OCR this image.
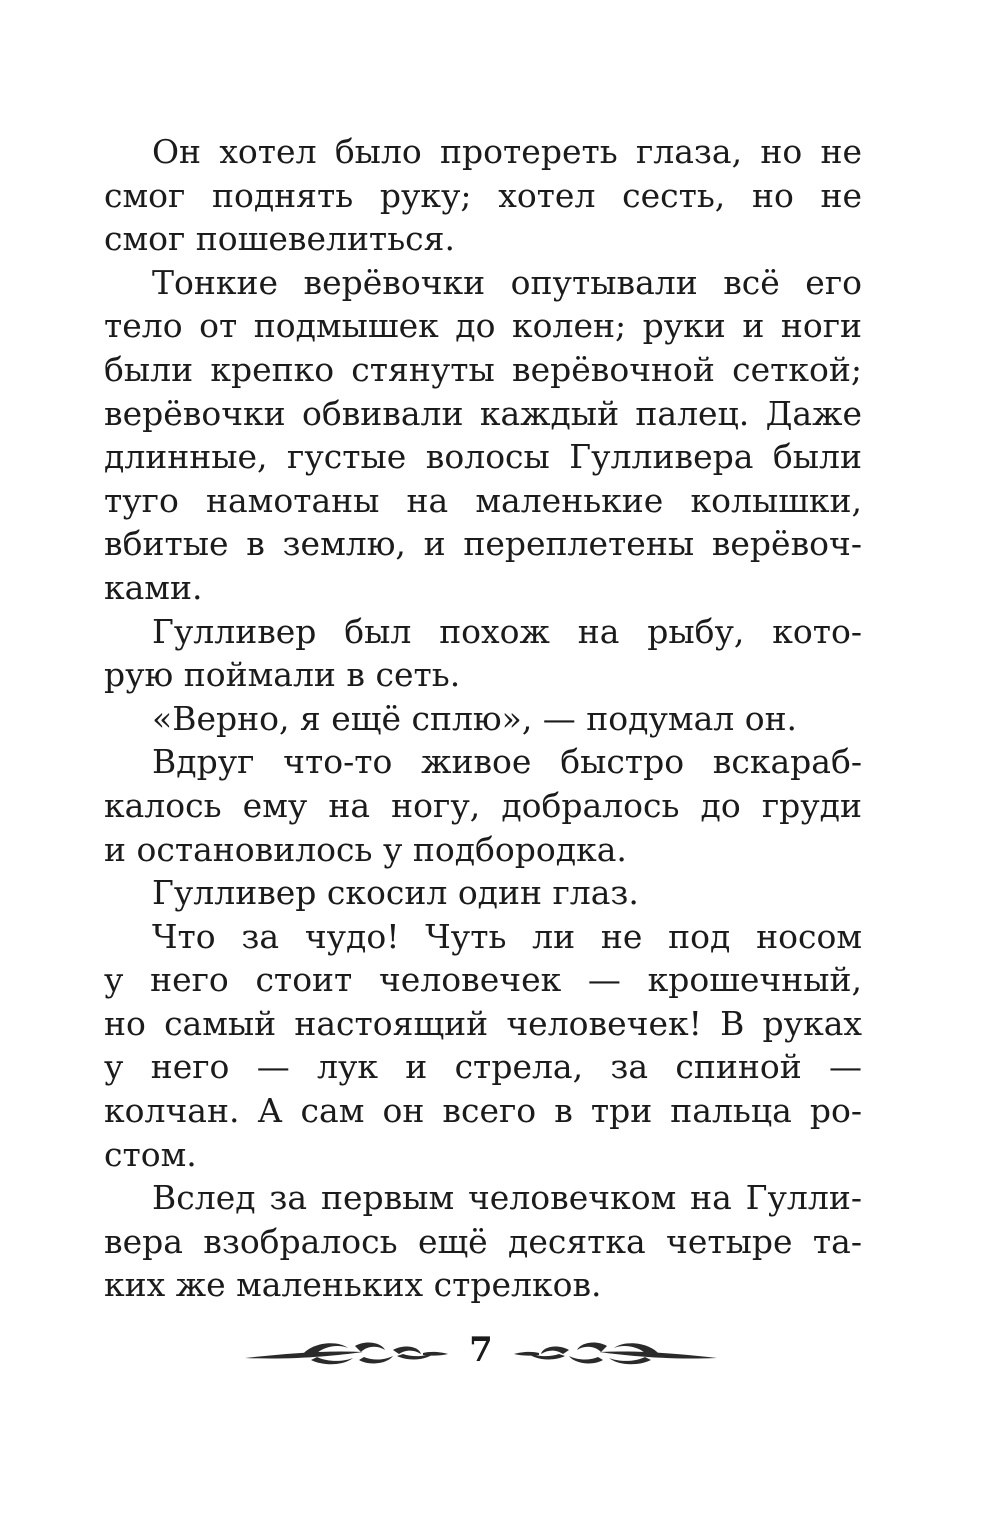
Он хотел было протереть глаза, но не
смог поднять руку; хотел сесть, но не
смог пошевелиться.
Тонкие верёвочки опутывали всё его
тело от подмышек до колен; руки и ноги
были крепко стянуты верёвочной сеткой;
верёвочки обвивали каждый палец. Даже
длинные, густые волосы Гулливера были
туго намотаны на маленькие колышки,
вбитые в землю, и переплетены верёвоч-
ками.
Гулливер был похож на рыбу, кото-
рую поймали в сеть.
«Верно, я ещё сплю», — подумал он.
Вдруг что-то живое быстро вскараб-
калось ему на ногу, добралось до груди
и остановилось у подбородка.
Гулливер скосил один глаз.
Что за чудо! Чуть ли не под носом
у него стоит человечек — крошечный,
но самый настоящий человечек! В руках
у него — лук и стрела, за спиной —
колчан. А сам он всего в три пальца ро-
стом.
Вслед за первым человечком на Гулли-
вера взобралось ещё десятка четыре та-
ких же маленьких стрелков.
7
